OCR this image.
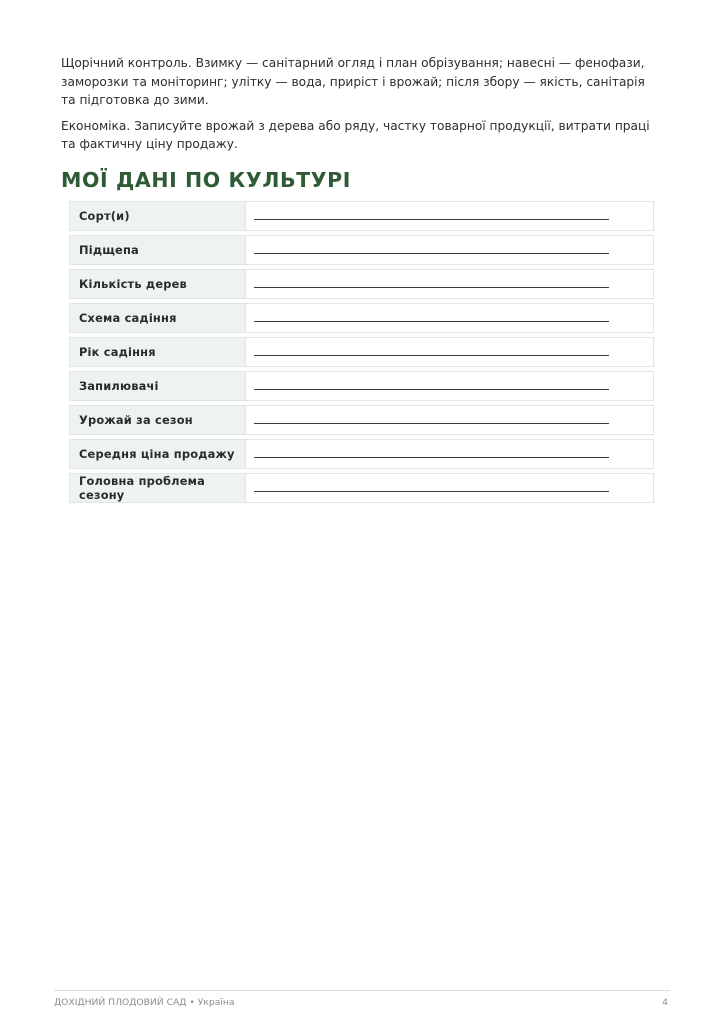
Щорічний контроль. Взимку — санітарний огляд і план обрізування; навесні — фенофази, заморозки та моніторинг; улітку — вода, приріст і врожай; після збору — якість, санітарія та підготовка до зими.

Економіка. Записуйте врожай з дерева або ряду, частку товарної продукції, витрати праці та фактичну ціну продажу.

МОЇ ДАНІ ПО КУЛЬТУРІ
Сорт(и)
Підщепа
Кількість дерев
Схема садіння
Рік садіння
Запилювачі
Урожай за сезон
Середня ціна продажу
Головна проблема сезону
ДОХІДНИЙ ПЛОДОВИЙ САД • Україна	4
